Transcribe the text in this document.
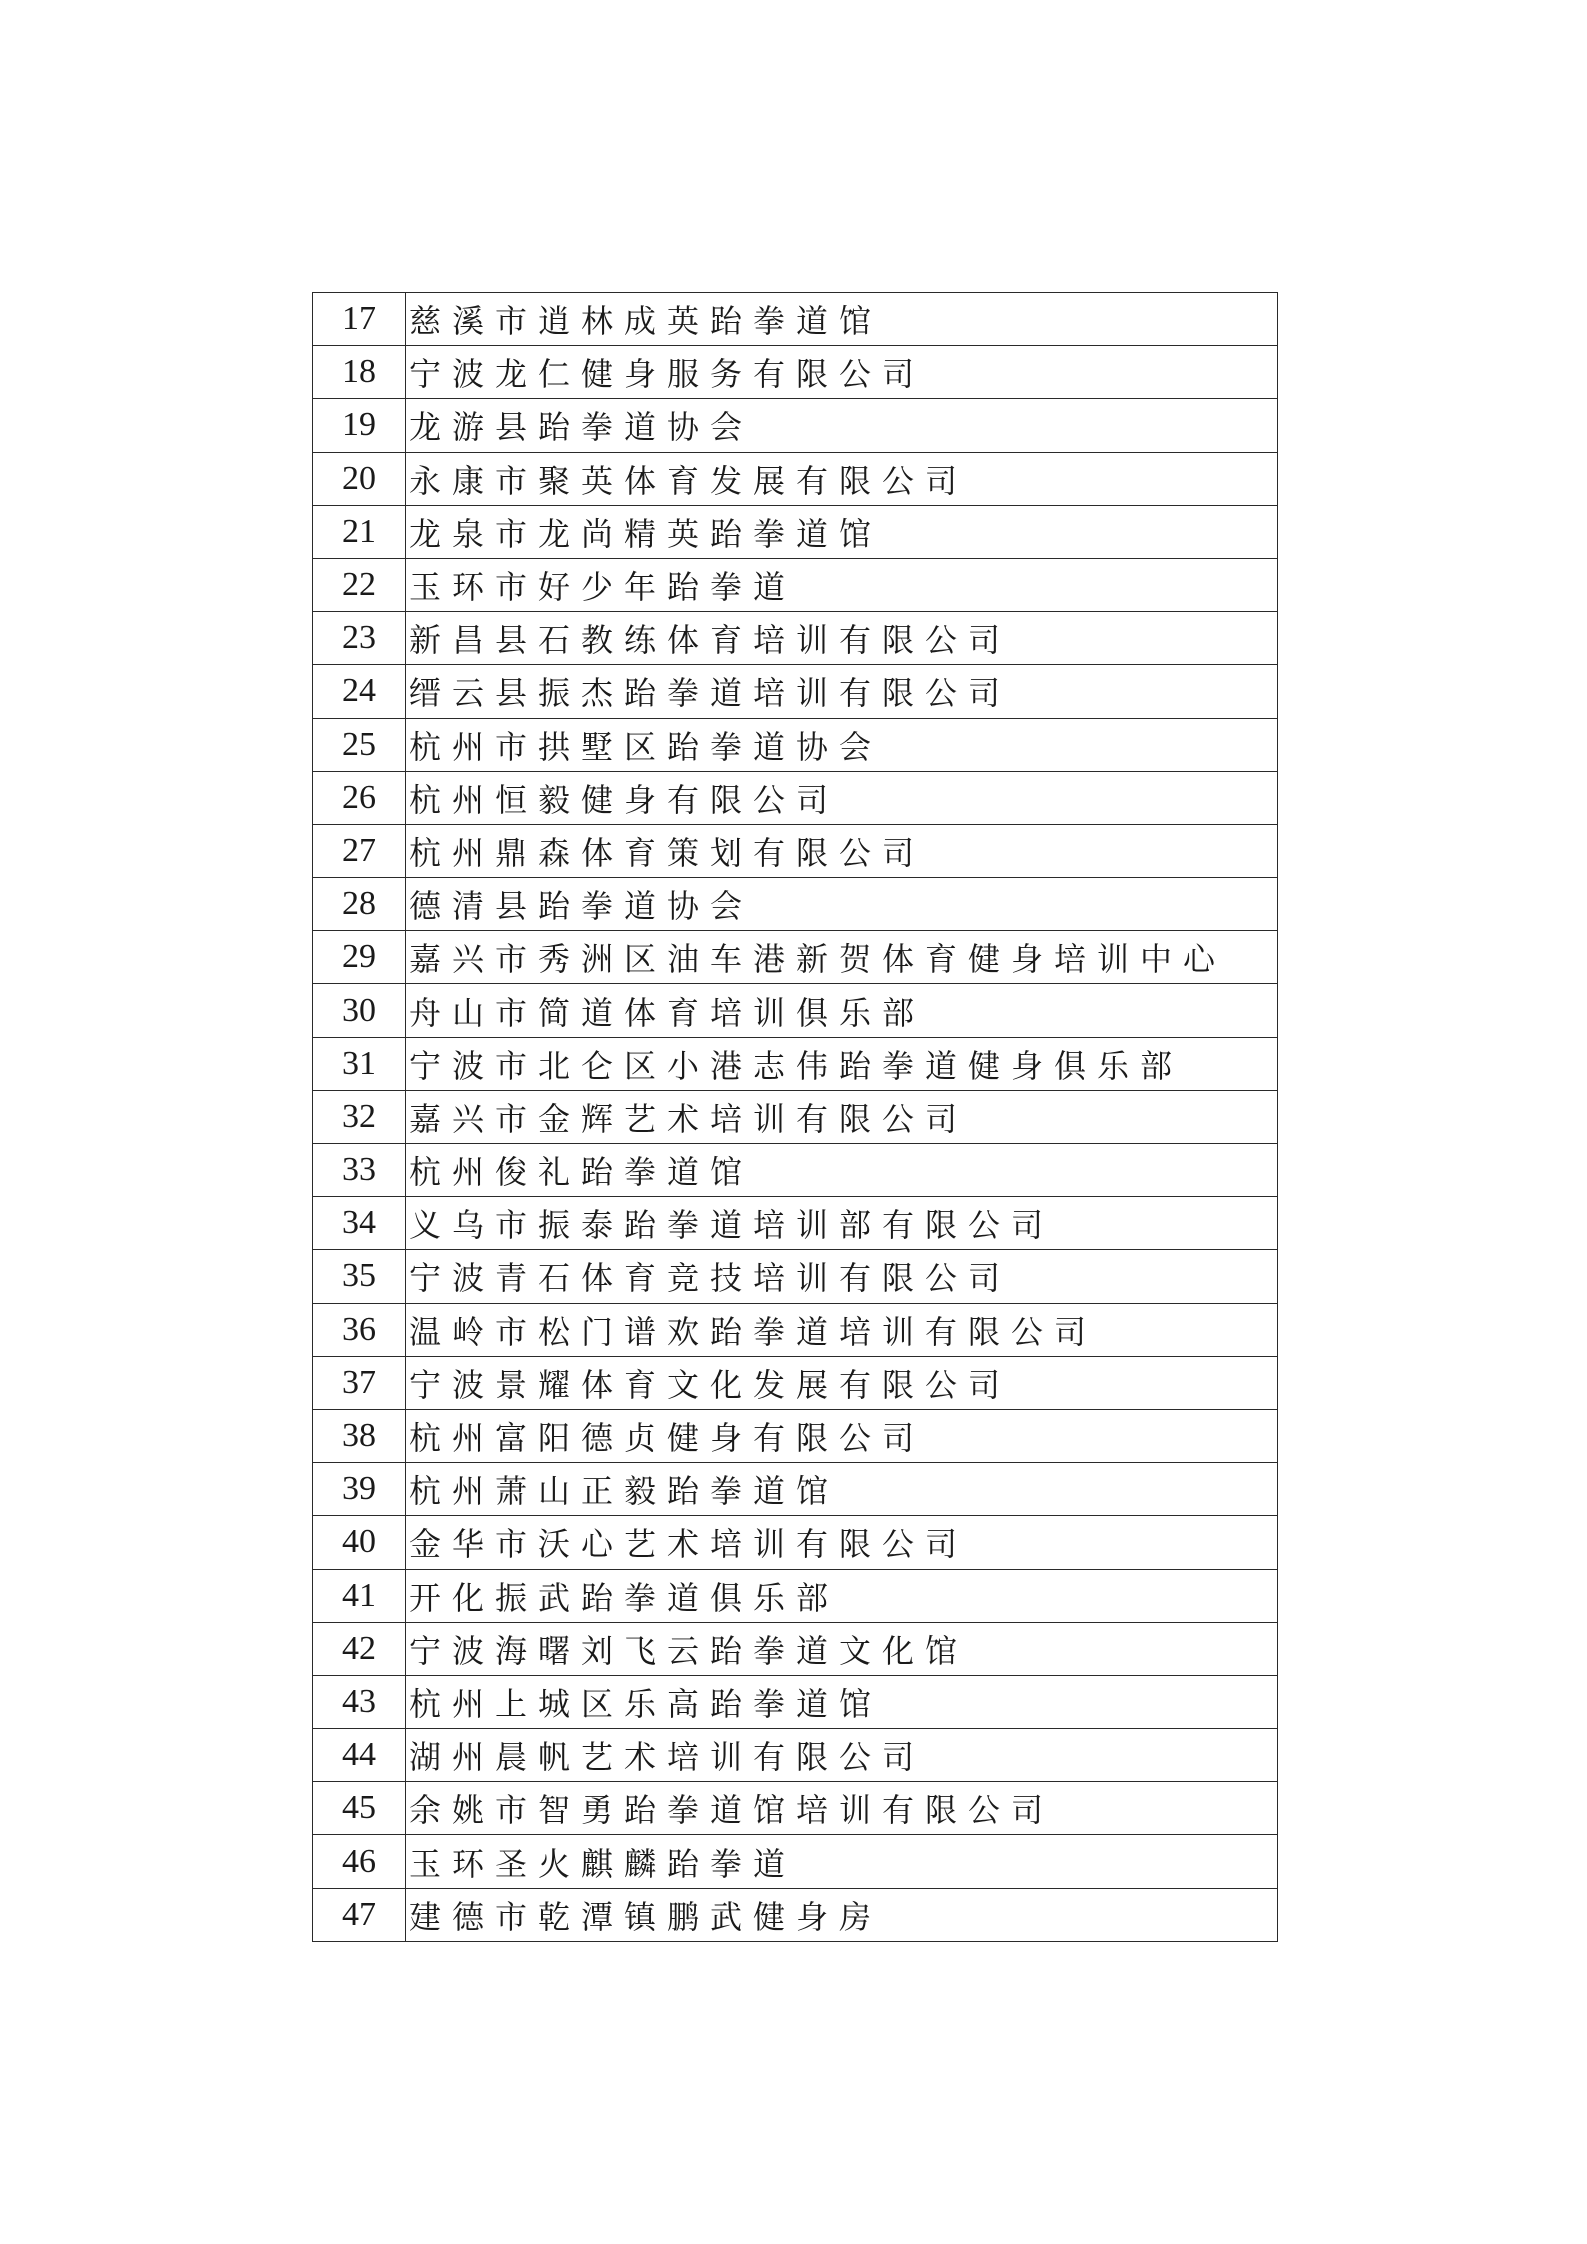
17	慈溪市逍林成英跆拳道馆
18	宁波龙仁健身服务有限公司
19	龙游县跆拳道协会
20	永康市聚英体育发展有限公司
21	龙泉市龙尚精英跆拳道馆
22	玉环市好少年跆拳道
23	新昌县石教练体育培训有限公司
24	缙云县振杰跆拳道培训有限公司
25	杭州市拱墅区跆拳道协会
26	杭州恒毅健身有限公司
27	杭州鼎森体育策划有限公司
28	德清县跆拳道协会
29	嘉兴市秀洲区油车港新贺体育健身培训中心
30	舟山市简道体育培训俱乐部
31	宁波市北仑区小港志伟跆拳道健身俱乐部
32	嘉兴市金辉艺术培训有限公司
33	杭州俊礼跆拳道馆
34	义乌市振泰跆拳道培训部有限公司
35	宁波青石体育竞技培训有限公司
36	温岭市松门谱欢跆拳道培训有限公司
37	宁波景耀体育文化发展有限公司
38	杭州富阳德贞健身有限公司
39	杭州萧山正毅跆拳道馆
40	金华市沃心艺术培训有限公司
41	开化振武跆拳道俱乐部
42	宁波海曙刘飞云跆拳道文化馆
43	杭州上城区乐高跆拳道馆
44	湖州晨帆艺术培训有限公司
45	余姚市智勇跆拳道馆培训有限公司
46	玉环圣火麒麟跆拳道
47	建德市乾潭镇鹏武健身房
